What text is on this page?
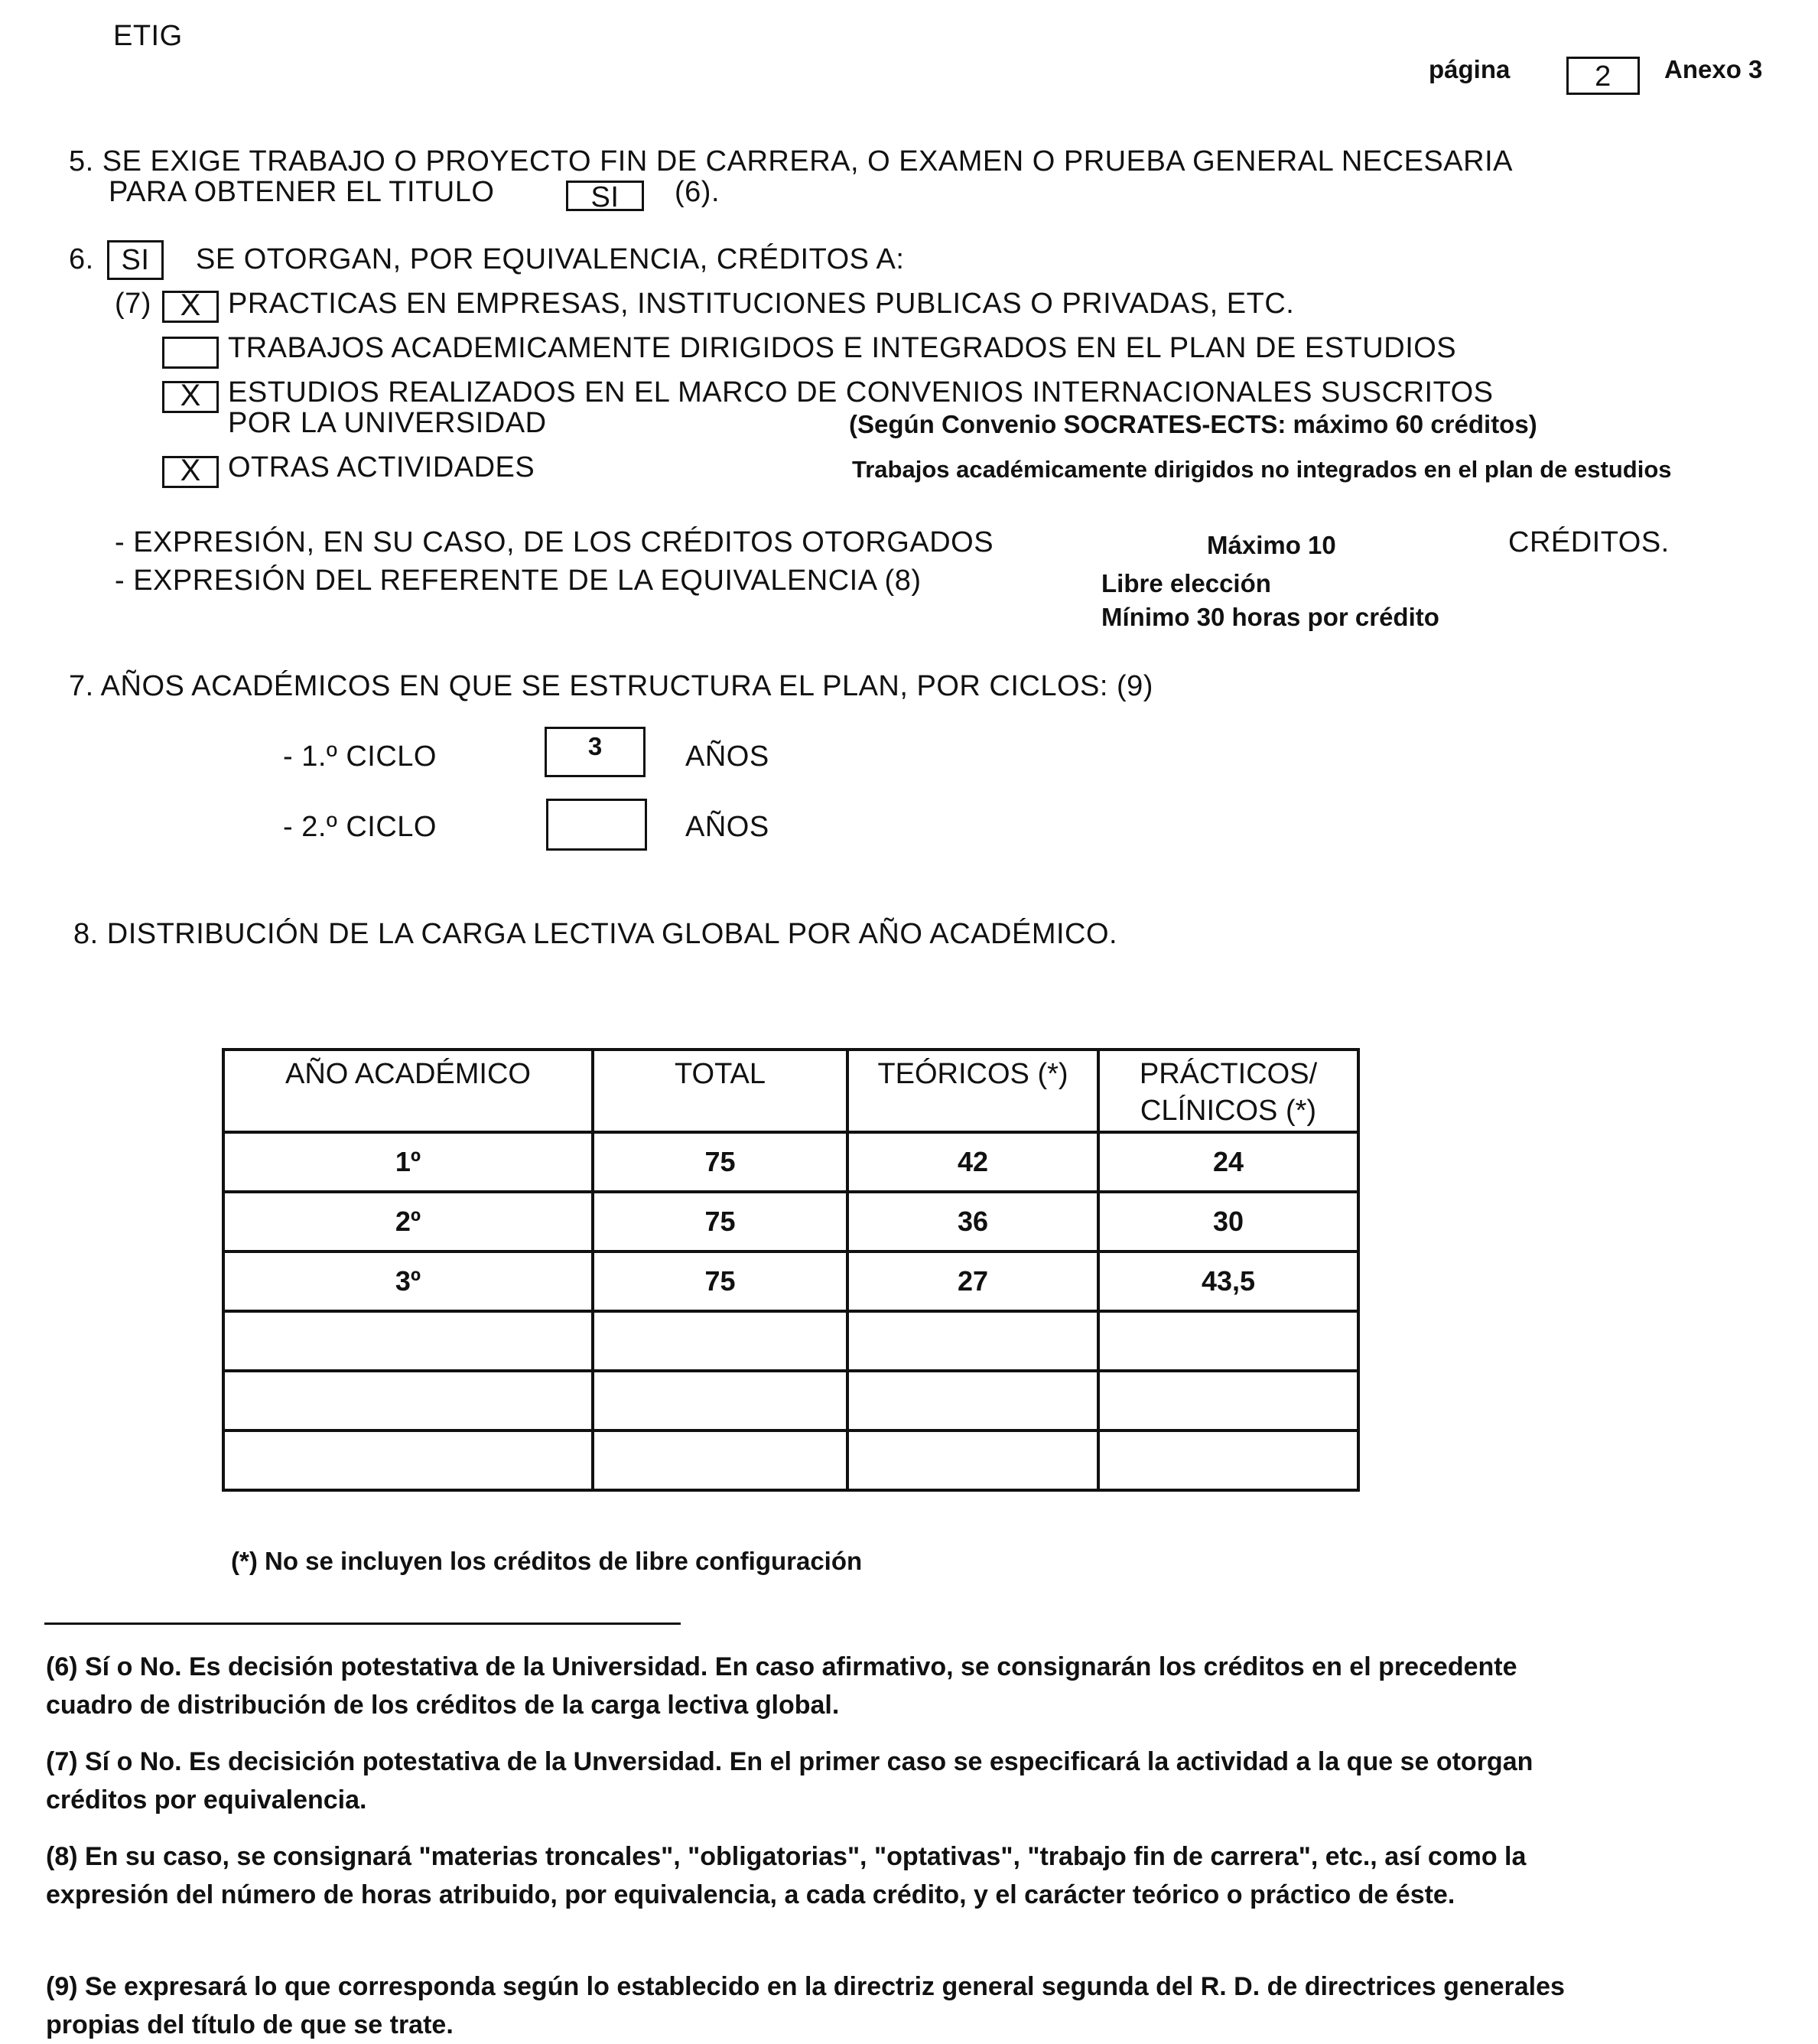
ETIG
página	2	Anexo 3
5. SE EXIGE TRABAJO O PROYECTO FIN DE CARRERA, O EXAMEN O PRUEBA GENERAL NECESARIA
PARA OBTENER EL TITULO	SI	(6).
6. SI	SE OTORGAN, POR EQUIVALENCIA, CRÉDITOS A:
(7) X PRACTICAS EN EMPRESAS, INSTITUCIONES PUBLICAS O PRIVADAS, ETC.
TRABAJOS ACADEMICAMENTE DIRIGIDOS E INTEGRADOS EN EL PLAN DE ESTUDIOS
X ESTUDIOS REALIZADOS EN EL MARCO DE CONVENIOS INTERNACIONALES SUSCRITOS
POR LA UNIVERSIDAD	(Según Convenio SOCRATES-ECTS: máximo 60 créditos)
X OTRAS ACTIVIDADES	Trabajos académicamente dirigidos no integrados en el plan de estudios
- EXPRESIÓN, EN SU CASO, DE LOS CRÉDITOS OTORGADOS	Máximo 10	CRÉDITOS.
- EXPRESIÓN DEL REFERENTE DE LA EQUIVALENCIA (8)	Libre elección
Mínimo 30 horas por crédito
7. AÑOS ACADÉMICOS EN QUE SE ESTRUCTURA EL PLAN, POR CICLOS: (9)
- 1.º CICLO	3	AÑOS
- 2.º CICLO	AÑOS
8. DISTRIBUCIÓN DE LA CARGA LECTIVA GLOBAL POR AÑO ACADÉMICO.
AÑO ACADÉMICO	TOTAL	TEÓRICOS (*)	PRÁCTICOS/
CLÍNICOS (*)
1º	75	42	24
2º	75	36	30
3º	75	27	43,5

(*) No se incluyen los créditos de libre configuración
(6) Sí o No. Es decisión potestativa de la Universidad. En caso afirmativo, se consignarán los créditos en el precedente cuadro de distribución de los créditos de la carga lectiva global.
(7) Sí o No. Es decisición potestativa de la Unversidad. En el primer caso se especificará la actividad a la que se otorgan créditos por equivalencia.
(8) En su caso, se consignará "materias troncales", "obligatorias", "optativas", "trabajo fin de carrera", etc., así como la expresión del número de horas atribuido, por equivalencia, a cada crédito, y el carácter teórico o práctico de éste.
(9) Se expresará lo que corresponda según lo establecido en la directriz general segunda del R. D. de directrices generales propias del título de que se trate.
